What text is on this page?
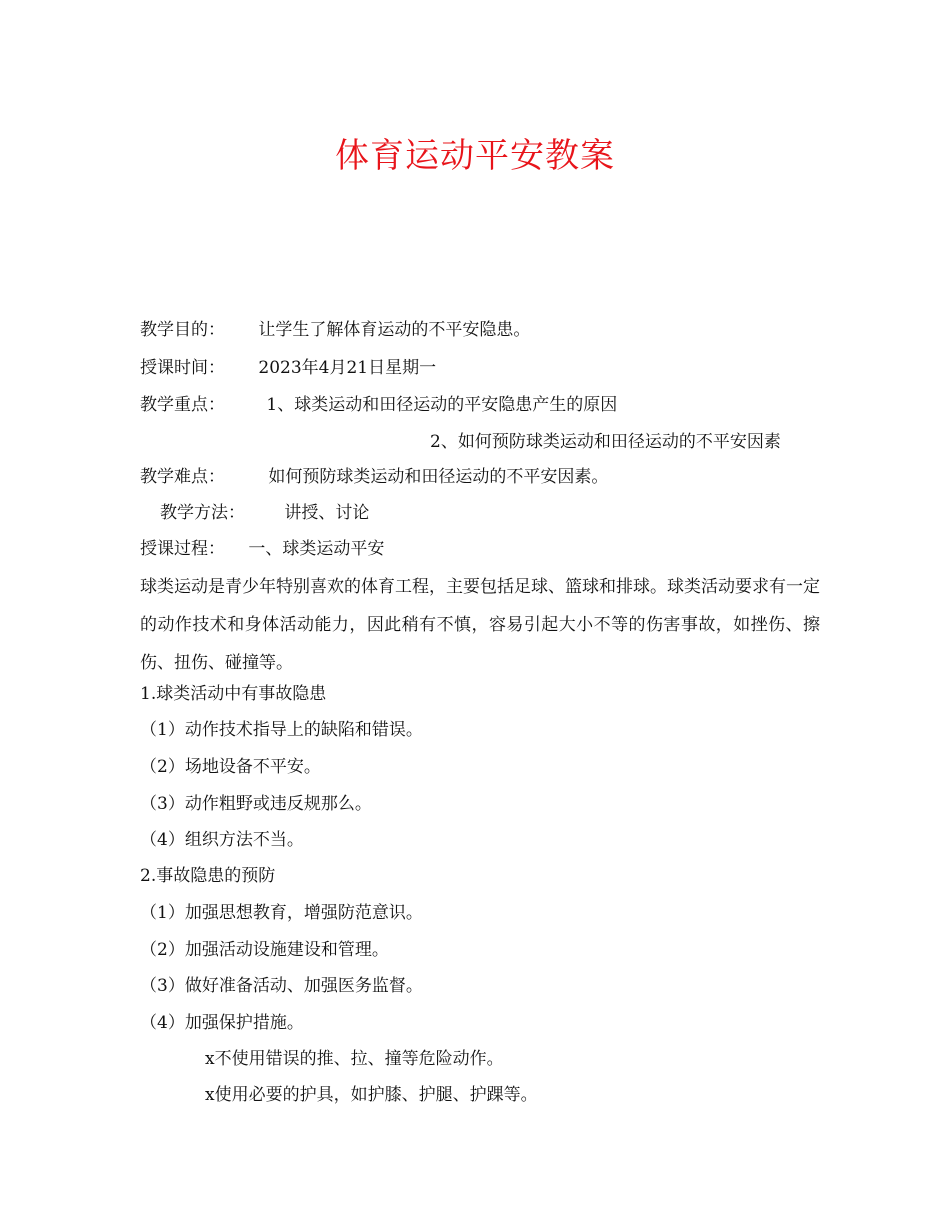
体育运动平安教案
教学目的： 让学生了解体育运动的不平安隐患。
授课时间： 2023年4月21日星期一
教学重点： 1、球类运动和田径运动的平安隐患产生的原因
2、如何预防球类运动和田径运动的不平安因素
教学难点：	如何预防球类运动和田径运动的不平安因素。
教学方法： 讲授、讨论
授课过程： 一、球类运动平安
球类运动是青少年特别喜欢的体育工程，主要包括足球、篮球和排球。球类活动要求有一定的动作技术和身体活动能力，因此稍有不慎，容易引起大小不等的伤害事故，如挫伤、擦伤、扭伤、碰撞等。
1.球类活动中有事故隐患
（1）动作技术指导上的缺陷和错误。
（2）场地设备不平安。
（3）动作粗野或违反规那么。
（4）组织方法不当。
2.事故隐患的预防
（1）加强思想教育，增强防范意识。
（2）加强活动设施建设和管理。
（3）做好准备活动、加强医务监督。
（4）加强保护措施。
x不使用错误的推、拉、撞等危险动作。
x使用必要的护具，如护膝、护腿、护踝等。
